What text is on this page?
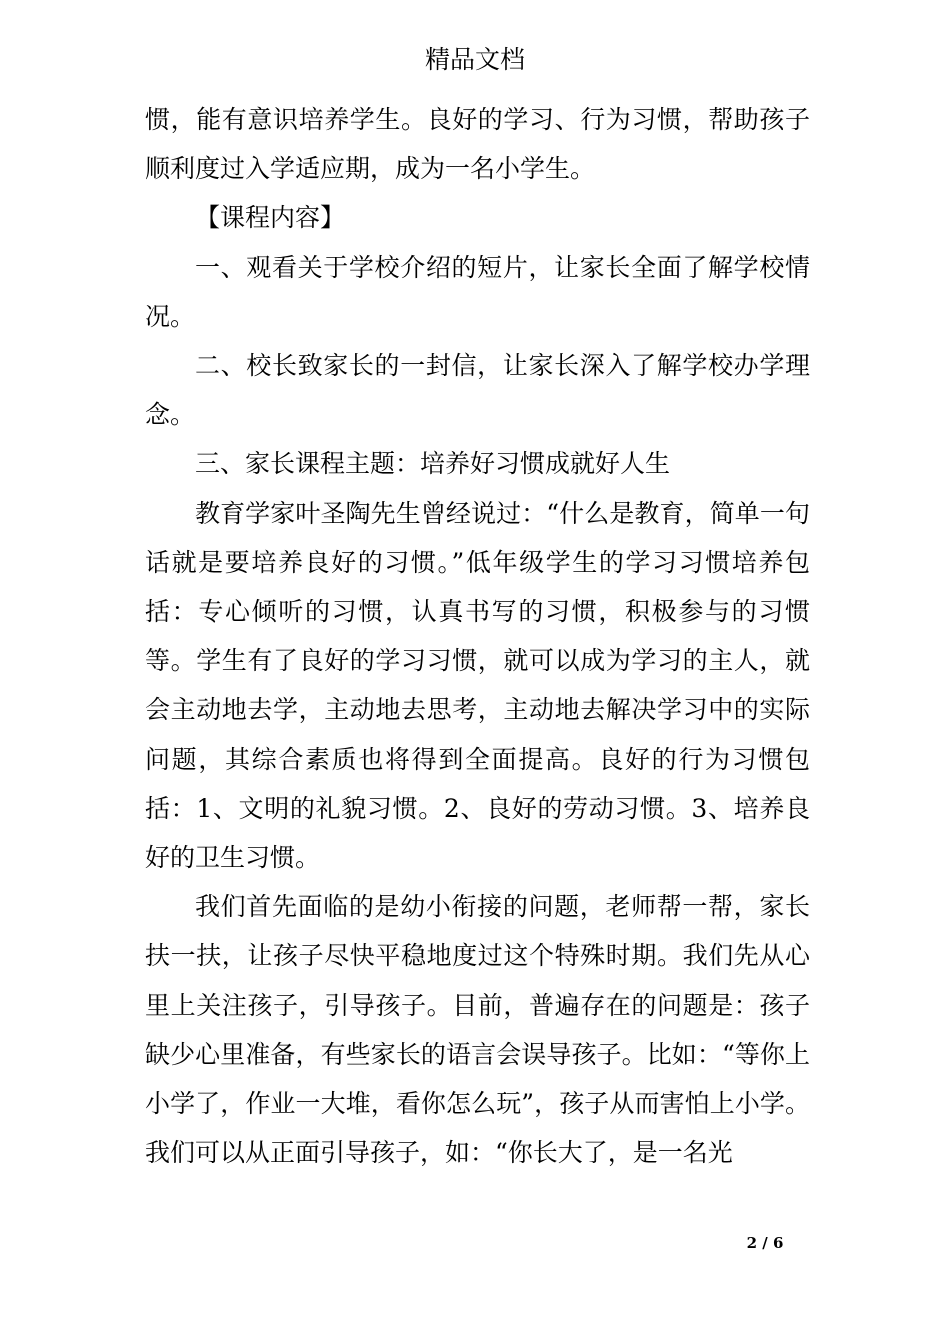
精品文档

惯，能有意识培养学生。良好的学习、行为习惯，帮助孩子顺利度过入学适应期，成为一名小学生。

【课程内容】

一、观看关于学校介绍的短片，让家长全面了解学校情况。

二、校长致家长的一封信，让家长深入了解学校办学理念。

三、家长课程主题：培养好习惯成就好人生

教育学家叶圣陶先生曾经说过：“什么是教育，简单一句话就是要培养良好的习惯。”低年级学生的学习习惯培养包括：专心倾听的习惯，认真书写的习惯，积极参与的习惯等。学生有了良好的学习习惯，就可以成为学习的主人，就会主动地去学，主动地去思考，主动地去解决学习中的实际问题，其综合素质也将得到全面提高。良好的行为习惯包括：1、文明的礼貌习惯。2、良好的劳动习惯。3、培养良好的卫生习惯。

我们首先面临的是幼小衔接的问题，老师帮一帮，家长扶一扶，让孩子尽快平稳地度过这个特殊时期。我们先从心里上关注孩子，引导孩子。目前，普遍存在的问题是：孩子缺少心里准备，有些家长的语言会误导孩子。比如：“等你上小学了，作业一大堆，看你怎么玩”，孩子从而害怕上小学。我们可以从正面引导孩子，如：“你长大了，是一名光

2 / 6
